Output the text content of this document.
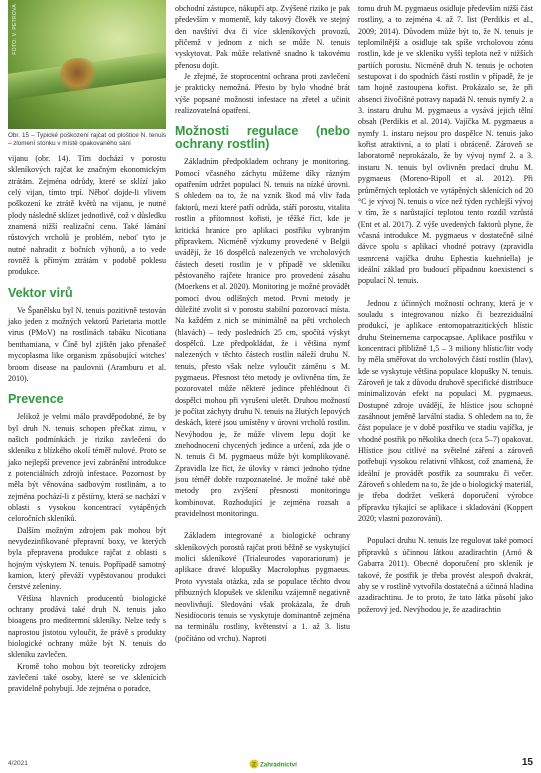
FOTO: V. PETROVA
Obr. 15 – Typické poškození rajčat od ploštice N. tenuis – zlomení stonku v místě opakovaného sání

vijanu (obr. 14). Tím dochází v porostu skleníkových rajčat ke značným ekonomickým ztrátám. Zejména odrůdy, které se sklízí jako celý vijan, tímto trpí. Něboť dojde-li vlivem poškození ke ztrátě květů na vijanu, je nutné plody následně sklízet jednotlivě, což v důsledku znamená nižší realizační cenu. Také lámání růstových vrcholů je problém, neboť tyto je nutné nahradit z bočních výhonů, a to vede rovněž k přímým ztrátám v podobě poklesu produkce.

Vektor virů

Ve Španělsku byl N. tenuis pozitivně testován jako jeden z možných vektorů Parietaria mottle virus (PMoV) na rostlinách tabáku Nicotiana benthamiana, v Číně byl zjištěn jako přenašeč mycoplasma like organism způsobující witches' broom disease na paulovnii (Aramburu et al. 2010).

Prevence

Jelikož je velmi málo pravděpodobné, že by byl druh N. tenuis schopen přečkat zimu, v našich podmínkách je riziko zavlečení do skleníku z blízkého okolí téměř nulové. Proto se jako nejlepší prevence jeví zabránění introdukce z potenciálních zdrojů infestace. Pozornost by měla být věnována sadbovým rostlinám, a to zejména pochází-li z pěstírny, která se nachází v oblasti s vysokou koncentrací vytápěných celoročních skleníků.

Dalším možným zdrojem pak mohou být nevydezinfikované přepravní boxy, ve kterých byla přepravena produkce rajčat z oblasti s hojným výskytem N. tenuis. Popřípadě samotný kamion, který převáží vypěstovanou produkci čerstvé zeleniny.

Většina hlavních producentů biologické ochrany prodává také druh N. tenuis jako bioagens pro meditermní skleníky. Nelze tedy s naprostou jistotou vyloučit, že právě s produkty biologické ochrany může být N. tenuis do skleníku zavlečen.

Kromě toho mohou být teoreticky zdrojem zavlečení také osoby, které se ve sklenících pravidelně pohybují. Jde zejména o poradce,

obchodní zástupce, nákupčí atp. Zvýšené riziko je pak především v momentě, kdy takový člověk ve stejný den navštíví dva či více skleníkových provozů, přičemž v jednom z nich se může N. tenuis vyskytovat. Pak může relativně snadno k takovému přenosu dojít.

Je zřejmé, že stoprocentní ochrana proti zavlečení je prakticky nemožná. Přesto by bylo vhodné brát výše popsané možnosti infestace na zřetel a učinit realizovatelná opatření.

Možnosti regulace (nebo ochrany rostlin)

Základním předpokladem ochrany je monitoring. Pomocí včasného záchytu můžeme díky rázným opatřením udržet populaci N. tenuis na nízké úrovni. S ohledem na to, že na vznik škod má vliv řada faktorů, mezi které patří odrůda, stáří porostu, vitalita rostlin a přítomnost kořisti, je těžké říct, kde je kritická hranice pro aplikaci postřiku vybraným přípravkem. Nicméně výzkumy provedené v Belgii uvádějí, že 16 dospělců nalezených ve vrcholových částech deseti rostlin je v případě ve skleníku pěstovaného rajčete hranice pro provedení zásahu (Moerkens et al. 2020). Monitoring je možné provádět pomocí dvou odlišných metod. První metody je důležité zvolit si v porostu stabilní pozorovací místa. Na každém z nich se minimálně na pěti vrcholech (hlavách) – tedy posledních 25 cm, spočítá výskyt dospělců. Lze předpokládat, že i většina nymf nalezených v těchto částech rostlin náleží druhu N. tenuis, přesto však nelze vyloučit záměnu s M. pygmaeus. Přesnost této metody je ovlivněna tím, že pozorovatel může některé jedince přehlédnout či dospělci mohou při vyrušení uletět. Druhou možností je počítat záchyty druhu N. tenuis na žlutých lepových deskách, které jsou umístěny v úrovni vrcholů rostlin. Nevýhodou je, že může vlivem lepu dojít ke znehodnocení chycených jedince a určení, zda jde o N. tenuis či M. pygmaeus může být komplikované. Zpravidla lze říct, že úlovky v rámci jednoho týdne jsou téměř dobře rozpoznatelné. Je možné také obě metody pro zvýšení přesnosti monitoringu kombinovat. Rozhodující je zejména rozsah a pravidelnost monitoringu.

Základem integrované a biologické ochrany skleníkových porostů rajčat proti běžně se vyskytující molici skleníkové (Trialeurodes vaporariorum) je aplikace dravé klopušky Macrolophus pygmaeus. Proto vyvstala otázka, zda se populace těchto dvou příbuzných klopušek ve skleníku vzájemně negativně neovlivňují. Sledování však prokázala, že druh Nesidiocoris tenuis se vyskytuje dominantně zejména na terminálu rostliny, květenství a 1. až 3. listu (počítáno od vrchu). Naproti

tomu druh M. pygmaeus osidluje především nižší část rostliny, a to zejména 4. až 7. list (Perdikis et al., 2009; 2014). Důvodem může být to, že N. tenuis je teplomilnější a osidluje tak spíše vrcholovou zónu rostlin, kde je ve skleníku vyšší teplota než v nižších partiích porostu. Nicméně druh N. tenuis je ochoten sestupovat i do spodních částí rostlin v případě, že je tam hojně zastoupena kořist. Prokázalo se, že při absenci živočišné potravy napadá N. tenuis nymfy 2. a 3. instaru druhu M. pygmaeus a vysává jejich tělní obsah (Perdikis et al. 2014). Vajíčka M. pygmaeus a nymfy 1. instaru nejsou pro dospělce N. tenuis jako kořist atraktivní, a to platí i obráceně. Zároveň se laboratorně neprokázalo, že by vývoj nymf 2. a 3. instaru N. tenuis byl ovlivněn predací druhu M. pygmaeus (Moreno-Ripoll et al. 2012). Při průměrných teplotách ve vytápěných sklenících od 20 °C je vývoj N. tenuis o více než týden rychlejší vývoj v tím, že s narůstající teplotou tento rozdíl vzrůstá (Ent et al. 2017). Z výše uvedených faktorů plyne, že včasná introdukce M. pygmaeus v dostatečně silné dávce spolu s aplikací vhodné potravy (zpravidla usmrcená vajíčka druhu Ephestia kuehniella) je ideální základ pro budoucí případnou koexistenci s populací N. tenuis.

Jednou z účinných možností ochrany, která je v souladu s integrovanou nízko či bezreziduální produkcí, je aplikace entomopatrazitických hlístic druhu Steinernema carpocapsae. Aplikace postřiku v koncentraci přibližně 1,5 – 3 miliony hlístic/litr vody by měla směřovat do vrcholových částí rostlin (hlav), kde se vyskytuje většina populace klopušky N. tenuis. Zároveň je tak z důvodu druhově specifické distribuce minimalizován efekt na populaci M. pygmaeus. Dostupné zdroje uvádějí, že hlístice jsou schopné zasáhnout jeměně larvální stadia. S ohledem na to, že část populace je v době postřiku ve stadiu vajíčka, je vhodné postřik po několika dnech (cca 5–7) opakovat. Hlístice jsou citlivé na světelné záření a zároveň potřebují vysokou relativní vlhkost, což znamená, že ideální je provádět postřik za soumraku či večer. Zároveň s ohledem na to, že jde o biologický materiál, je třeba dodržet veškerá doporučení výrobce přípravku týkající se aplikace i skladování (Koppert 2020; vlastní pozorování).

Populaci druhu N. tenuis lze regulovat také pomocí přípravků s účinnou látkou azadirachtin (Arnó & Gabarra 2011). Obecné doporučení pro skleník je takové, že postřik je třeba provést alespoň dvakrát, aby se v rostlině vytvořila dostatečná a účinná hladina azadirachtinu. Je to proto, že tato látka působí jako požerový jed. Nevýhodou je, že azadirachtin

4/2021	Z Zahradnictví	15
